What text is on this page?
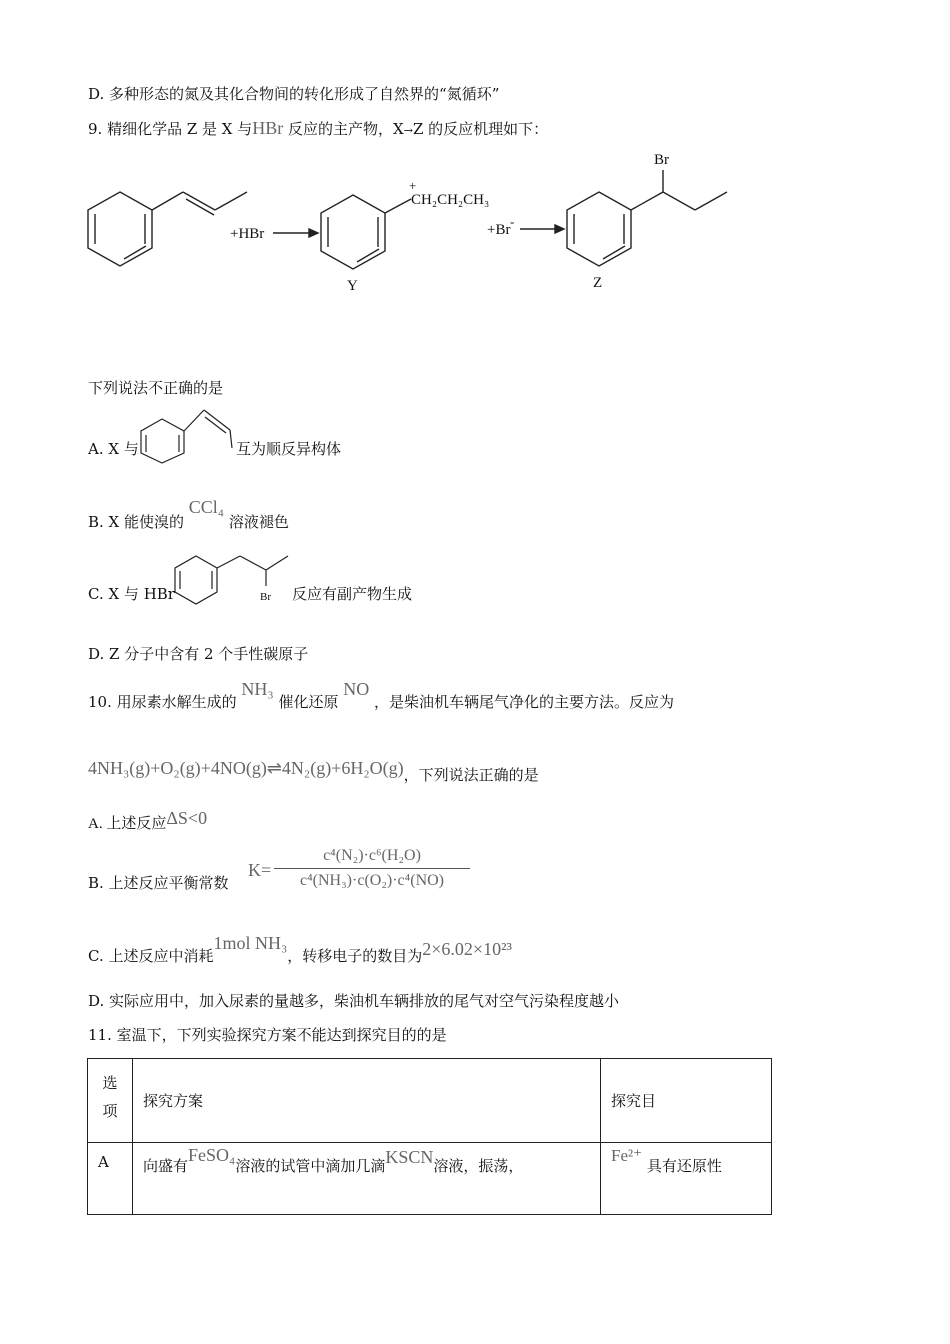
D. 多种形态的氮及其化合物间的转化形成了自然界的“氮循环”
9. 精细化学品 Z 是 X 与HBr 反应的主产物，X→Z 的反应机理如下：
+HBr
+
CH₂CH₂CH₃
Y
+Br
-
Br
Z
下列说法不正确的是
A. X 与	互为顺反异构体
B. X 能使溴的 CCl₄ 溶液褪色
C. X 与 HBr	Br 反应有副产物生成
D. Z 分子中含有 2 个手性碳原子
10. 用尿素水解生成的 NH₃ 催化还原 NO ，是柴油机车辆尾气净化的主要方法。反应为
4NH₃(g)+O₂(g)+4NO(g)⇌4N₂(g)+6H₂O(g)，下列说法正确的是
A. 上述反应ΔS<0
B. 上述反应平衡常数
K=
c⁴(N₂)·c⁶(H₂O)
c⁴(NH₃)·c(O₂)·c⁴(NO)
C. 上述反应中消耗1mol NH₃，转移电子的数目为2×6.02×10²³
D. 实际应用中，加入尿素的量越多，柴油机车辆排放的尾气对空气污染程度越小
11. 室温下，下列实验探究方案不能达到探究目的的是
选项	探究方案	探究目
A	向盛有FeSO₄溶液的试管中滴加几滴KSCN溶液，振荡，	Fe²⁺ 具有还原性
